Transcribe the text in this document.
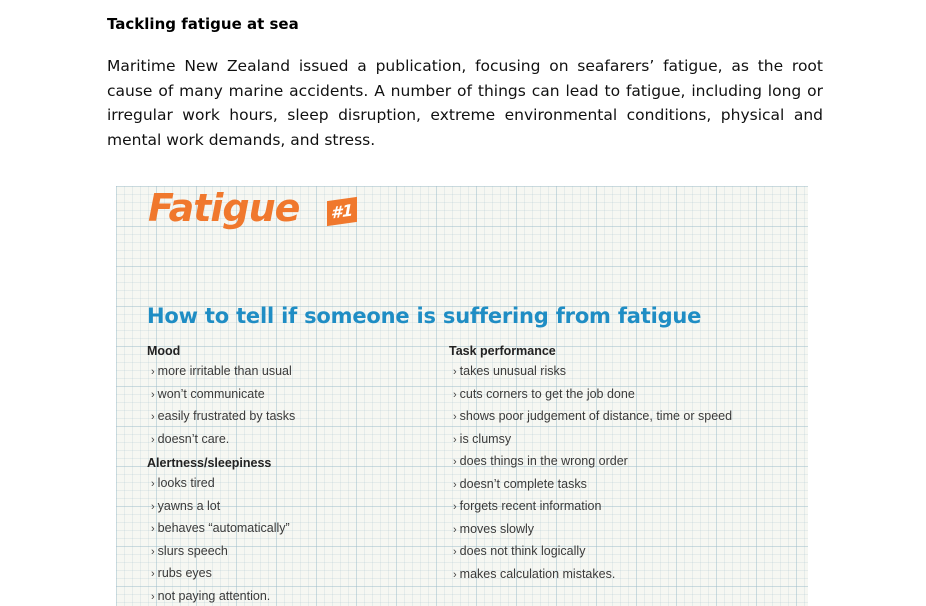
Tackling fatigue at sea
Maritime New Zealand issued a publication, focusing on seafarers’ fatigue, as the root cause of many marine accidents. A number of things can lead to fatigue, including long or irregular work hours, sleep disruption, extreme environmental conditions, physical and mental work demands, and stress.
Fatigue #1
How to tell if someone is suffering from fatigue
Mood
› more irritable than usual
› won’t communicate
› easily frustrated by tasks
› doesn’t care.
Alertness/sleepiness
› looks tired
› yawns a lot
› behaves “automatically”
› slurs speech
› rubs eyes
› not paying attention.
Task performance
› takes unusual risks
› cuts corners to get the job done
› shows poor judgement of distance, time or speed
› is clumsy
› does things in the wrong order
› doesn’t complete tasks
› forgets recent information
› moves slowly
› does not think logically
› makes calculation mistakes.
